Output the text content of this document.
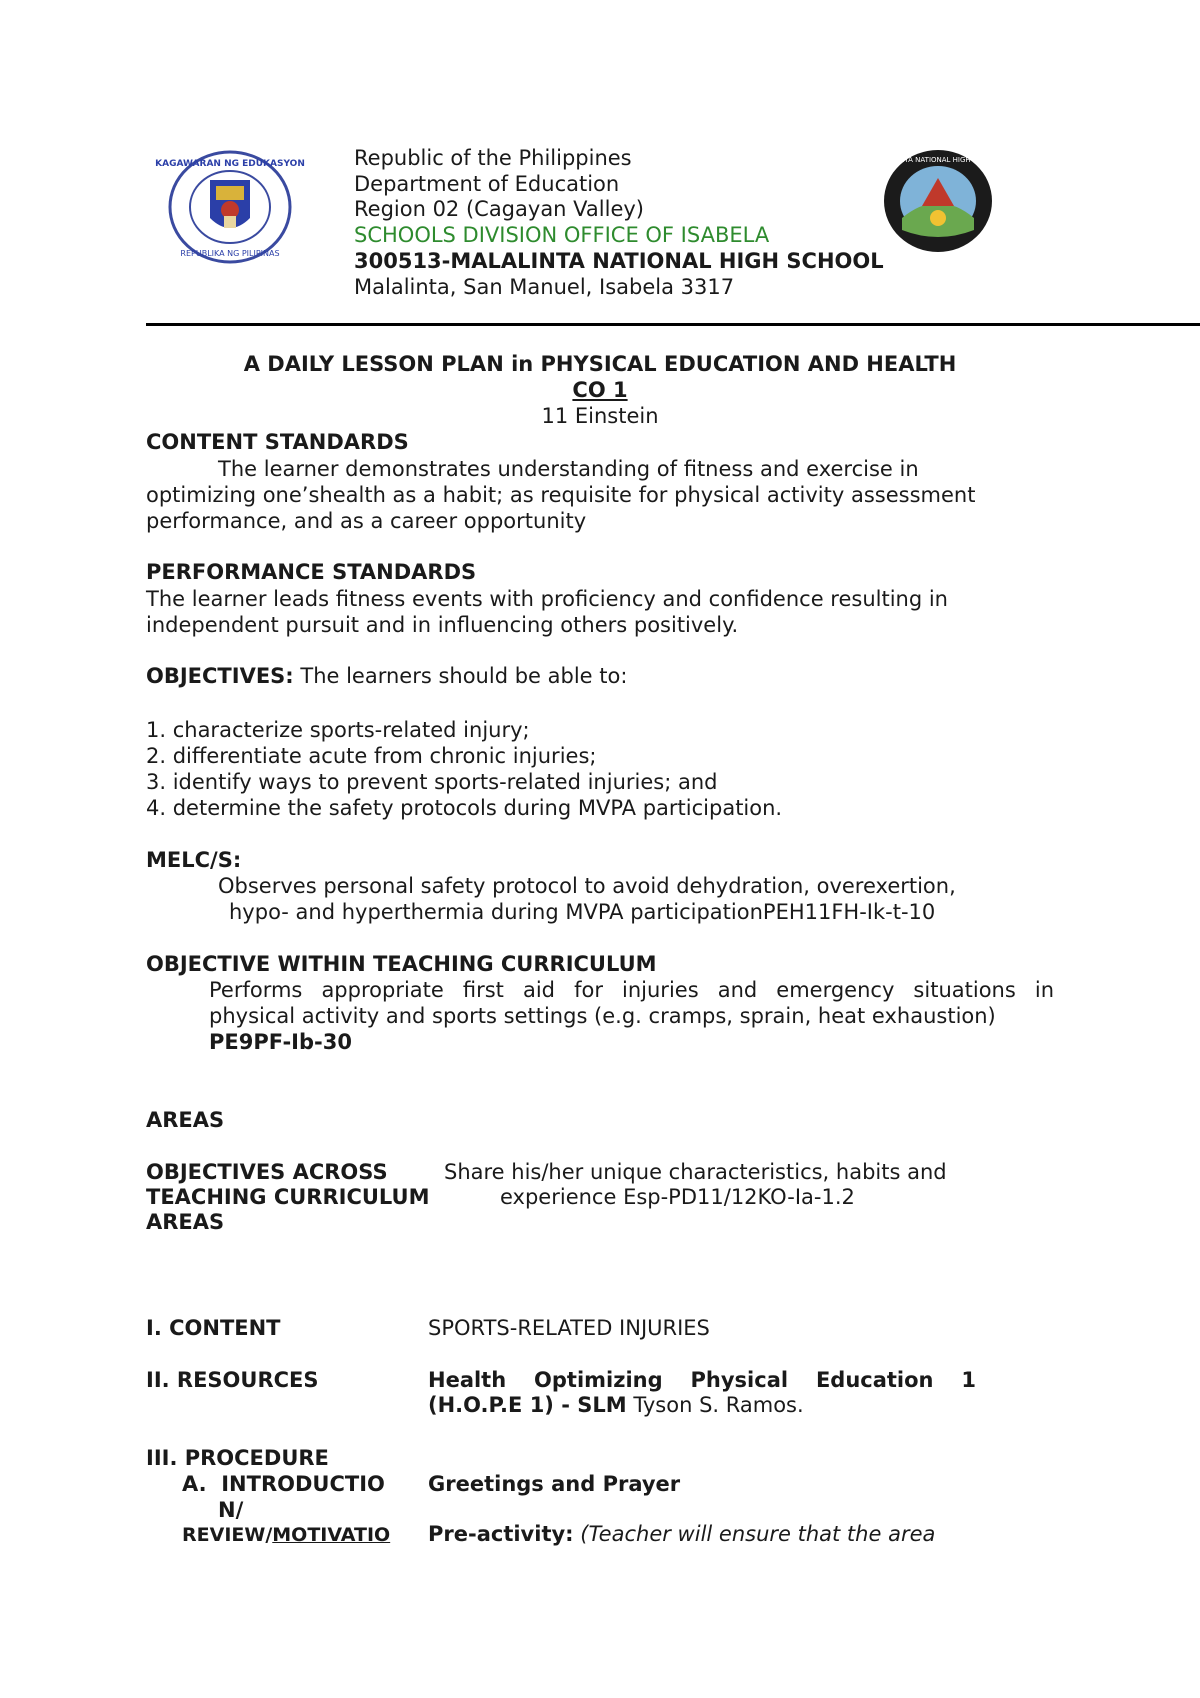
KAGAWARAN NG EDUKASYON
REPUBLIKA NG PILIPINAS
MALALINTA NATIONAL HIGH SCHOOL
Republic of the Philippines
Department of Education
Region 02 (Cagayan Valley)
SCHOOLS DIVISION OFFICE OF ISABELA
300513-MALALINTA NATIONAL HIGH SCHOOL
Malalinta, San Manuel, Isabela 3317
A DAILY LESSON PLAN in PHYSICAL EDUCATION AND HEALTH
CO 1
11 Einstein
CONTENT STANDARDS
The learner demonstrates understanding of fitness and exercise in
optimizing one’shealth as a habit; as requisite for physical activity assessment
performance, and as a career opportunity
PERFORMANCE STANDARDS
The learner leads fitness events with proficiency and confidence resulting in
independent pursuit and in influencing others positively.
OBJECTIVES: The learners should be able to:
1. characterize sports-related injury;
2. differentiate acute from chronic injuries;
3. identify ways to prevent sports-related injuries; and
4. determine the safety protocols during MVPA participation.
MELC/S:
Observes personal safety protocol to avoid dehydration, overexertion,
hypo- and hyperthermia during MVPA participationPEH11FH-Ik-t-10
OBJECTIVE WITHIN TEACHING CURRICULUM
Performs appropriate first aid for injuries and emergency situations in
physical activity and sports settings (e.g. cramps, sprain, heat exhaustion)
PE9PF-Ib-30
AREAS
OBJECTIVES ACROSS
TEACHING CURRICULUM
AREAS
Share his/her unique characteristics, habits and
experience Esp-PD11/12KO-Ia-1.2
I. CONTENT	SPORTS-RELATED INJURIES
II. RESOURCES	Health Optimizing Physical Education 1
(H.O.P.E 1) - SLM Tyson S. Ramos.
III. PROCEDURE
A.  INTRODUCTIO
N/
REVIEW/MOTIVATIO
Greetings and Prayer
Pre-activity: (Teacher will ensure that the area
